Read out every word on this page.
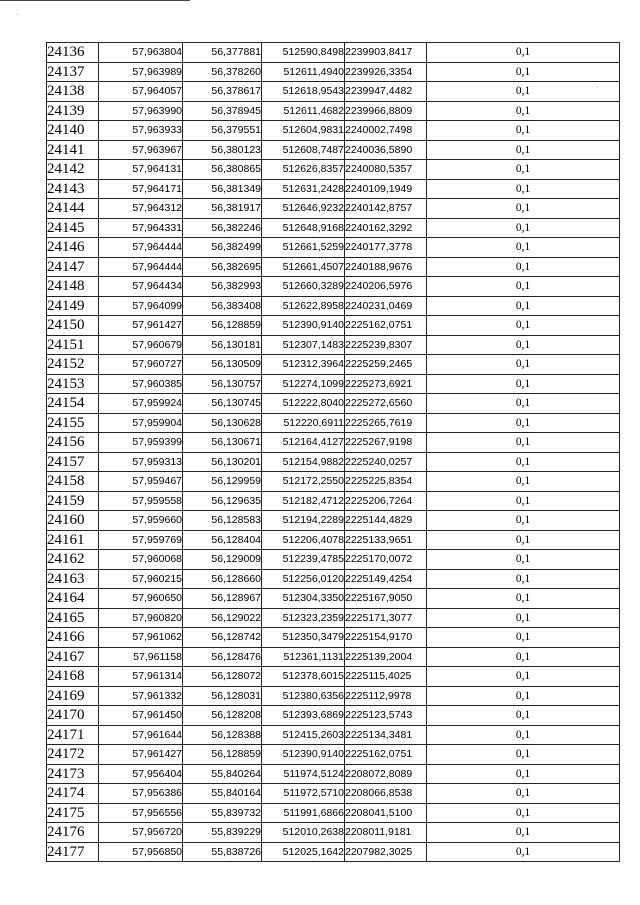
·
·
24136	57,963804	56,377881	512590,8498	2239903,8417	0,1
24137	57,963989	56,378260	512611,4940	2239926,3354	0,1
24138	57,964057	56,378617	512618,9543	2239947,4482	0,1
24139	57,963990	56,378945	512611,4682	2239966,8809	0,1
24140	57,963933	56,379551	512604,9831	2240002,7498	0,1
24141	57,963967	56,380123	512608,7487	2240036,5890	0,1
24142	57,964131	56,380865	512626,8357	2240080,5357	0,1
24143	57,964171	56,381349	512631,2428	2240109,1949	0,1
24144	57,964312	56,381917	512646,9232	2240142,8757	0,1
24145	57,964331	56,382246	512648,9168	2240162,3292	0,1
24146	57,964444	56,382499	512661,5259	2240177,3778	0,1
24147	57,964444	56,382695	512661,4507	2240188,9676	0,1
24148	57,964434	56,382993	512660,3289	2240206,5976	0,1
24149	57,964099	56,383408	512622,8958	2240231,0469	0,1
24150	57,961427	56,128859	512390,9140	2225162,0751	0,1
24151	57,960679	56,130181	512307,1483	2225239,8307	0,1
24152	57,960727	56,130509	512312,3964	2225259,2465	0,1
24153	57,960385	56,130757	512274,1099	2225273,6921	0,1
24154	57,959924	56,130745	512222,8040	2225272,6560	0,1
24155	57,959904	56,130628	512220,6911	2225265,7619	0,1
24156	57,959399	56,130671	512164,4127	2225267,9198	0,1
24157	57,959313	56,130201	512154,9882	2225240,0257	0,1
24158	57,959467	56,129959	512172,2550	2225225,8354	0,1
24159	57,959558	56,129635	512182,4712	2225206,7264	0,1
24160	57,959660	56,128583	512194,2289	2225144,4829	0,1
24161	57,959769	56,128404	512206,4078	2225133,9651	0,1
24162	57,960068	56,129009	512239,4785	2225170,0072	0,1
24163	57,960215	56,128660	512256,0120	2225149,4254	0,1
24164	57,960650	56,128967	512304,3350	2225167,9050	0,1
24165	57,960820	56,129022	512323,2359	2225171,3077	0,1
24166	57,961062	56,128742	512350,3479	2225154,9170	0,1
24167	57,961158	56,128476	512361,1131	2225139,2004	0,1
24168	57,961314	56,128072	512378,6015	2225115,4025	0,1
24169	57,961332	56,128031	512380,6356	2225112,9978	0,1
24170	57,961450	56,128208	512393,6869	2225123,5743	0,1
24171	57,961644	56,128388	512415,2603	2225134,3481	0,1
24172	57,961427	56,128859	512390,9140	2225162,0751	0,1
24173	57,956404	55,840264	511974,5124	2208072,8089	0,1
24174	57,956386	55,840164	511972,5710	2208066,8538	0,1
24175	57,956556	55,839732	511991,6866	2208041,5100	0,1
24176	57,956720	55,839229	512010,2638	2208011,9181	0,1
24177	57,956850	55,838726	512025,1642	2207982,3025	0,1
